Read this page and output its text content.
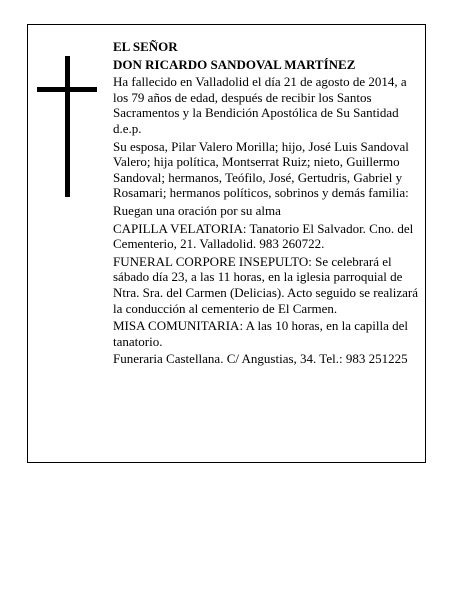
EL SEÑOR

DON RICARDO SANDOVAL MARTÍNEZ

Ha fallecido en Valladolid el día 21 de agosto de 2014, a los 79 años de edad, después de recibir los Santos Sacramentos y la Bendición Apostólica de Su Santidad d.e.p.

Su esposa, Pilar Valero Morilla; hijo, José Luis Sandoval Valero; hija política, Montserrat Ruiz; nieto, Guillermo Sandoval; hermanos, Teófilo, José, Gertudris, Gabriel y Rosamari; hermanos políticos, sobrinos y demás familia:

Ruegan una oración por su alma

CAPILLA VELATORIA: Tanatorio El Salvador. Cno. del Cementerio, 21. Valladolid. 983 260722.

FUNERAL CORPORE INSEPULTO: Se celebrará el sábado día 23, a las 11 horas, en la iglesia parroquial de Ntra. Sra. del Carmen (Delicias). Acto seguido se realizará la conducción al cementerio de El Carmen.

MISA COMUNITARIA: A las 10 horas, en la capilla del tanatorio.

Funeraria Castellana. C/ Angustias, 34. Tel.: 983 251225
